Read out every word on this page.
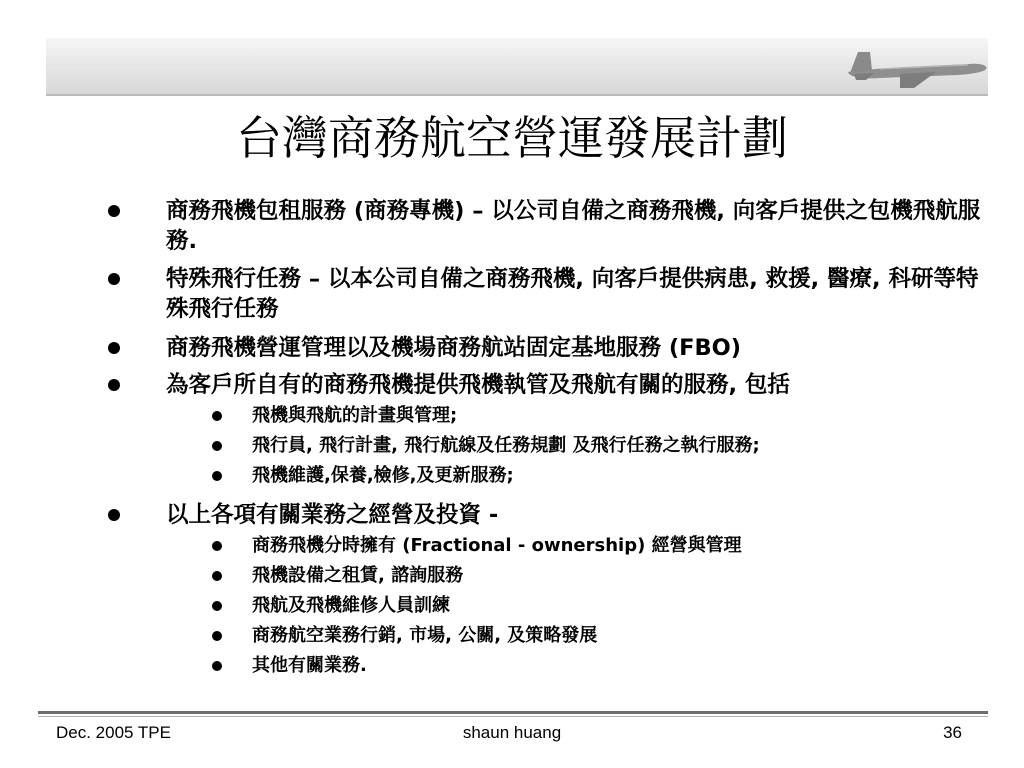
台灣商務航空營運發展計劃
商務飛機包租服務 (商務專機) – 以公司自備之商務飛機, 向客戶提供之包機飛航服務.
特殊飛行任務 – 以本公司自備之商務飛機, 向客戶提供病患, 救援, 醫療, 科研等特殊飛行任務
商務飛機營運管理以及機場商務航站固定基地服務 (FBO)
為客戶所自有的商務飛機提供飛機執管及飛航有關的服務, 包括
飛機與飛航的計畫與管理;
飛行員, 飛行計畫, 飛行航線及任務規劃 及飛行任務之執行服務;
飛機維護,保養,檢修,及更新服務;
以上各項有關業務之經營及投資 -
商務飛機分時擁有 (Fractional - ownership) 經營與管理
飛機設備之租賃, 諮詢服務
飛航及飛機維修人員訓練
商務航空業務行銷, 市場, 公關, 及策略發展
其他有關業務.
Dec. 2005 TPE	shaun huang	36
